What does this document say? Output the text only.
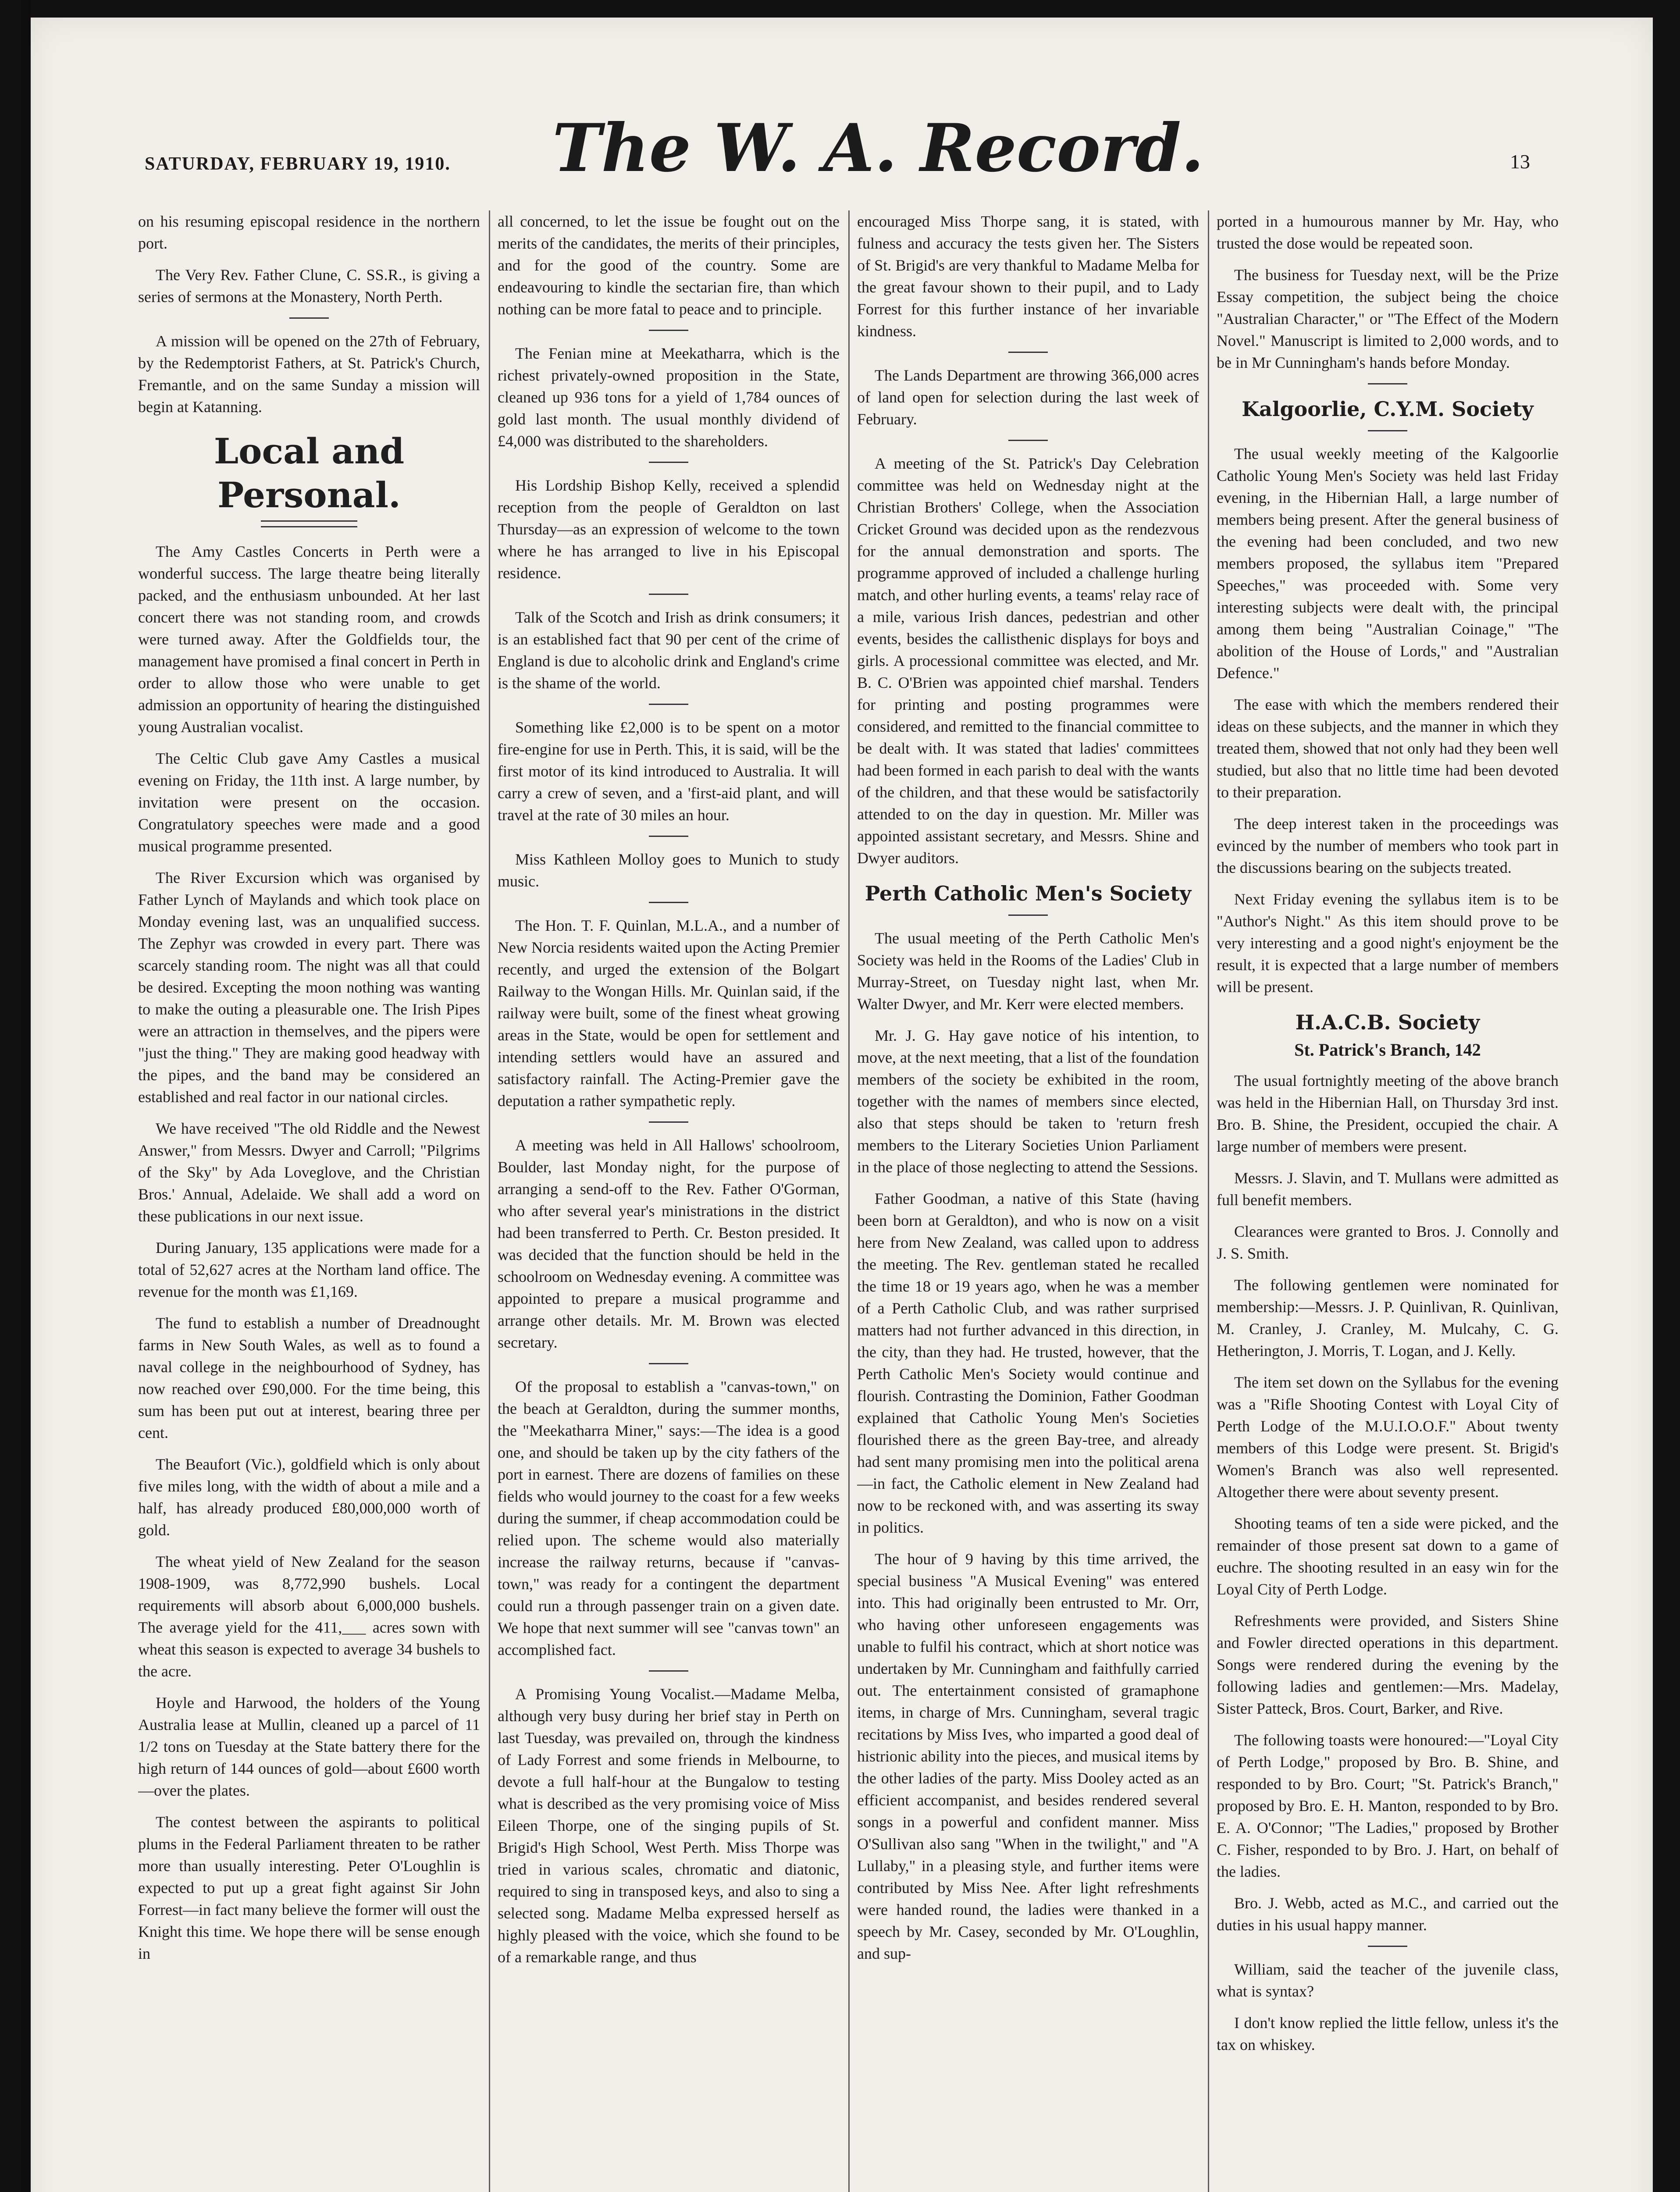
SATURDAY, FEBRUARY 19, 1910. The W. A. Record.	13

on his resuming episcopal residence in the northern port.

The Very Rev. Father Clune, C. SS.R., is giving a series of sermons at the Monastery, North Perth.

A mission will be opened on the 27th of February, by the Redemptorist Fathers, at St. Patrick's Church, Fremantle, and on the same Sunday a mission will begin at Katanning.

Local and Personal.

The Amy Castles Concerts in Perth were a wonderful success. The large theatre being literally packed, and the enthusiasm unbounded. At her last concert there was not standing room, and crowds were turned away. After the Goldfields tour, the management have promised a final concert in Perth in order to allow those who were unable to get admission an opportunity of hearing the distinguished young Australian vocalist.

The Celtic Club gave Amy Castles a musical evening on Friday, the 11th inst. A large number, by invitation were present on the occasion. Congratulatory speeches were made and a good musical programme presented.

The River Excursion which was organised by Father Lynch of Maylands and which took place on Monday evening last, was an unqualified success. The Zephyr was crowded in every part. There was scarcely standing room. The night was all that could be desired. Excepting the moon nothing was wanting to make the outing a pleasurable one. The Irish Pipes were an attraction in themselves, and the pipers were "just the thing." They are making good headway with the pipes, and the band may be considered an established and real factor in our national circles.

We have received "The old Riddle and the Newest Answer," from Messrs. Dwyer and Carroll; "Pilgrims of the Sky" by Ada Loveglove, and the Christian Bros.' Annual, Adelaide. We shall add a word on these publications in our next issue.

During January, 135 applications were made for a total of 52,627 acres at the Northam land office. The revenue for the month was £1,169.

The fund to establish a number of Dreadnought farms in New South Wales, as well as to found a naval college in the neighbourhood of Sydney, has now reached over £90,000. For the time being, this sum has been put out at interest, bearing three per cent.

The Beaufort (Vic.), goldfield which is only about five miles long, with the width of about a mile and a half, has already produced £80,000,000 worth of gold.

The wheat yield of New Zealand for the season 1908-1909, was 8,772,990 bushels. Local requirements will absorb about 6,000,000 bushels. The average yield for the 411,___ acres sown with wheat this season is expected to average 34 bushels to the acre.

Hoyle and Harwood, the holders of the Young Australia lease at Mullin, cleaned up a parcel of 11 1/2 tons on Tuesday at the State battery there for the high return of 144 ounces of gold—about £600 worth—over the plates.

The contest between the aspirants to political plums in the Federal Parliament threaten to be rather more than usually interesting. Peter O'Loughlin is expected to put up a great fight against Sir John Forrest—in fact many believe the former will oust the Knight this time. We hope there will be sense enough in

all concerned, to let the issue be fought out on the merits of the candidates, the merits of their principles, and for the good of the country. Some are endeavouring to kindle the sectarian fire, than which nothing can be more fatal to peace and to principle.

The Fenian mine at Meekatharra, which is the richest privately-owned proposition in the State, cleaned up 936 tons for a yield of 1,784 ounces of gold last month. The usual monthly dividend of £4,000 was distributed to the shareholders.

His Lordship Bishop Kelly, received a splendid reception from the people of Geraldton on last Thursday—as an expression of welcome to the town where he has arranged to live in his Episcopal residence.

Talk of the Scotch and Irish as drink consumers; it is an established fact that 90 per cent of the crime of England is due to alcoholic drink and England's crime is the shame of the world.

Something like £2,000 is to be spent on a motor fire-engine for use in Perth. This, it is said, will be the first motor of its kind introduced to Australia. It will carry a crew of seven, and a 'first-aid plant, and will travel at the rate of 30 miles an hour.

Miss Kathleen Molloy goes to Munich to study music.

The Hon. T. F. Quinlan, M.L.A., and a number of New Norcia residents waited upon the Acting Premier recently, and urged the extension of the Bolgart Railway to the Wongan Hills. Mr. Quinlan said, if the railway were built, some of the finest wheat growing areas in the State, would be open for settlement and intending settlers would have an assured and satisfactory rainfall. The Acting-Premier gave the deputation a rather sympathetic reply.

A meeting was held in All Hallows' schoolroom, Boulder, last Monday night, for the purpose of arranging a send-off to the Rev. Father O'Gorman, who after several year's ministrations in the district had been transferred to Perth. Cr. Beston presided. It was decided that the function should be held in the schoolroom on Wednesday evening. A committee was appointed to prepare a musical programme and arrange other details. Mr. M. Brown was elected secretary.

Of the proposal to establish a "canvas-town," on the beach at Geraldton, during the summer months, the "Meekatharra Miner," says:—The idea is a good one, and should be taken up by the city fathers of the port in earnest. There are dozens of families on these fields who would journey to the coast for a few weeks during the summer, if cheap accommodation could be relied upon. The scheme would also materially increase the railway returns, because if "canvas-town," was ready for a contingent the department could run a through passenger train on a given date. We hope that next summer will see "canvas town" an accomplished fact.

A Promising Young Vocalist.—Madame Melba, although very busy during her brief stay in Perth on last Tuesday, was prevailed on, through the kindness of Lady Forrest and some friends in Melbourne, to devote a full half-hour at the Bungalow to testing what is described as the very promising voice of Miss Eileen Thorpe, one of the singing pupils of St. Brigid's High School, West Perth. Miss Thorpe was tried in various scales, chromatic and diatonic, required to sing in transposed keys, and also to sing a selected song. Madame Melba expressed herself as highly pleased with the voice, which she found to be of a remarkable range, and thus

encouraged Miss Thorpe sang, it is stated, with fulness and accuracy the tests given her. The Sisters of St. Brigid's are very thankful to Madame Melba for the great favour shown to their pupil, and to Lady Forrest for this further instance of her invariable kindness.

The Lands Department are throwing 366,000 acres of land open for selection during the last week of February.

A meeting of the St. Patrick's Day Celebration committee was held on Wednesday night at the Christian Brothers' College, when the Association Cricket Ground was decided upon as the rendezvous for the annual demonstration and sports. The programme approved of included a challenge hurling match, and other hurling events, a teams' relay race of a mile, various Irish dances, pedestrian and other events, besides the callisthenic displays for boys and girls. A processional committee was elected, and Mr. B. C. O'Brien was appointed chief marshal. Tenders for printing and posting programmes were considered, and remitted to the financial committee to be dealt with. It was stated that ladies' committees had been formed in each parish to deal with the wants of the children, and that these would be satisfactorily attended to on the day in question. Mr. Miller was appointed assistant secretary, and Messrs. Shine and Dwyer auditors.

Perth Catholic Men's Society

The usual meeting of the Perth Catholic Men's Society was held in the Rooms of the Ladies' Club in Murray-Street, on Tuesday night last, when Mr. Walter Dwyer, and Mr. Kerr were elected members.

Mr. J. G. Hay gave notice of his intention, to move, at the next meeting, that a list of the foundation members of the society be exhibited in the room, together with the names of members since elected, also that steps should be taken to 'return fresh members to the Literary Societies Union Parliament in the place of those neglecting to attend the Sessions.

Father Goodman, a native of this State (having been born at Geraldton), and who is now on a visit here from New Zealand, was called upon to address the meeting. The Rev. gentleman stated he recalled the time 18 or 19 years ago, when he was a member of a Perth Catholic Club, and was rather surprised matters had not further advanced in this direction, in the city, than they had. He trusted, however, that the Perth Catholic Men's Society would continue and flourish. Contrasting the Dominion, Father Goodman explained that Catholic Young Men's Societies flourished there as the green Bay-tree, and already had sent many promising men into the political arena—in fact, the Catholic element in New Zealand had now to be reckoned with, and was asserting its sway in politics.

The hour of 9 having by this time arrived, the special business "A Musical Evening" was entered into. This had originally been entrusted to Mr. Orr, who having other unforeseen engagements was unable to fulfil his contract, which at short notice was undertaken by Mr. Cunningham and faithfully carried out. The entertainment consisted of gramaphone items, in charge of Mrs. Cunningham, several tragic recitations by Miss Ives, who imparted a good deal of histrionic ability into the pieces, and musical items by the other ladies of the party. Miss Dooley acted as an efficient accompanist, and besides rendered several songs in a powerful and confident manner. Miss O'Sullivan also sang "When in the twilight," and "A Lullaby," in a pleasing style, and further items were contributed by Miss Nee. After light refreshments were handed round, the ladies were thanked in a speech by Mr. Casey, seconded by Mr. O'Loughlin, and sup-

ported in a humourous manner by Mr. Hay, who trusted the dose would be repeated soon.

The business for Tuesday next, will be the Prize Essay competition, the subject being the choice "Australian Character," or "The Effect of the Modern Novel." Manuscript is limited to 2,000 words, and to be in Mr Cunningham's hands before Monday.

Kalgoorlie, C.Y.M. Society

The usual weekly meeting of the Kalgoorlie Catholic Young Men's Society was held last Friday evening, in the Hibernian Hall, a large number of members being present. After the general business of the evening had been concluded, and two new members proposed, the syllabus item "Prepared Speeches," was proceeded with. Some very interesting subjects were dealt with, the principal among them being "Australian Coinage," "The abolition of the House of Lords," and "Australian Defence."

The ease with which the members rendered their ideas on these subjects, and the manner in which they treated them, showed that not only had they been well studied, but also that no little time had been devoted to their preparation.

The deep interest taken in the proceedings was evinced by the number of members who took part in the discussions bearing on the subjects treated.

Next Friday evening the syllabus item is to be "Author's Night." As this item should prove to be very interesting and a good night's enjoyment be the result, it is expected that a large number of members will be present.

H.A.C.B. Society
St. Patrick's Branch, 142

The usual fortnightly meeting of the above branch was held in the Hibernian Hall, on Thursday 3rd inst. Bro. B. Shine, the President, occupied the chair. A large number of members were present.

Messrs. J. Slavin, and T. Mullans were admitted as full benefit members.

Clearances were granted to Bros. J. Connolly and J. S. Smith.

The following gentlemen were nominated for membership:—Messrs. J. P. Quinlivan, R. Quinlivan, M. Cranley, J. Cranley, M. Mulcahy, C. G. Hetherington, J. Morris, T. Logan, and J. Kelly.

The item set down on the Syllabus for the evening was a "Rifle Shooting Contest with Loyal City of Perth Lodge of the M.U.I.O.O.F." About twenty members of this Lodge were present. St. Brigid's Women's Branch was also well represented. Altogether there were about seventy present.

Shooting teams of ten a side were picked, and the remainder of those present sat down to a game of euchre. The shooting resulted in an easy win for the Loyal City of Perth Lodge.

Refreshments were provided, and Sisters Shine and Fowler directed operations in this department. Songs were rendered during the evening by the following ladies and gentlemen:—Mrs. Madelay, Sister Patteck, Bros. Court, Barker, and Rive.

The following toasts were honoured:—"Loyal City of Perth Lodge," proposed by Bro. B. Shine, and responded to by Bro. Court; "St. Patrick's Branch," proposed by Bro. E. H. Manton, responded to by Bro. E. A. O'Connor; "The Ladies," proposed by Brother C. Fisher, responded to by Bro. J. Hart, on behalf of the ladies.

Bro. J. Webb, acted as M.C., and carried out the duties in his usual happy manner.

William, said the teacher of the juvenile class, what is syntax?

I don't know replied the little fellow, unless it's the tax on whiskey.
